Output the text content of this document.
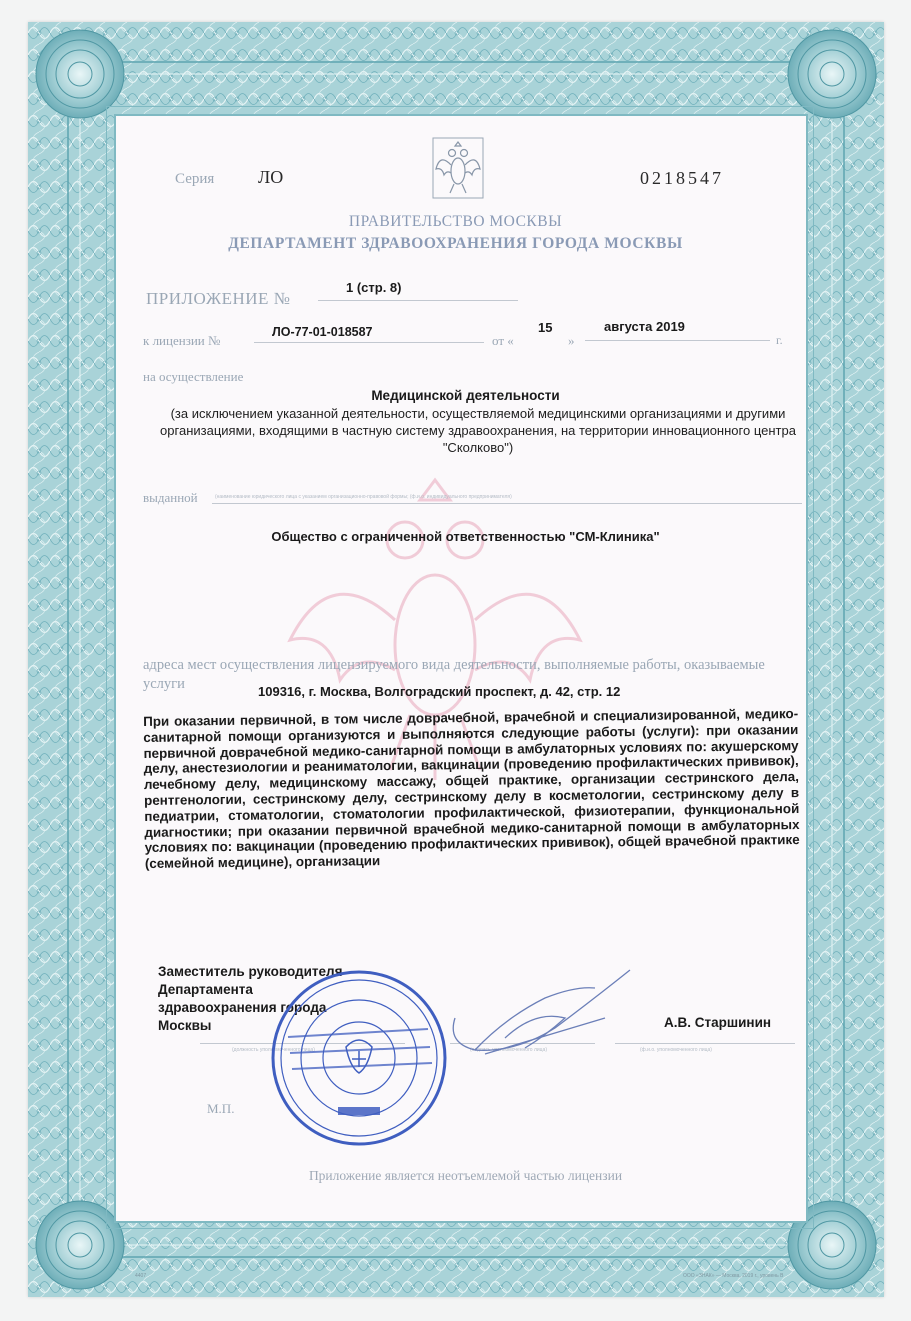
Серия ЛО	0218547
ПРАВИТЕЛЬСТВО МОСКВЫ
ДЕПАРТАМЕНТ ЗДРАВООХРАНЕНИЯ ГОРОДА МОСКВЫ
ПРИЛОЖЕНИЕ №
1 (стр. 8)
к лицензии №
ЛО-77-01-018587
от «
15
»
августа 2019
г.
на осуществление
Медицинской деятельности
(за исключением указанной деятельности, осуществляемой медицинскими организациями и другими организациями, входящими в частную систему здравоохранения, на территории инновационного центра "Сколково")
выданной	(наименование юридического лица с указанием организационно-правовой формы; (ф.и.о. индивидуального предпринимателя)
Общество с ограниченной ответственностью "СМ-Клиника"
адреса мест осуществления лицензируемого вида деятельности, выполняемые работы, оказываемые услуги	109316, г. Москва, Волгоградский проспект, д. 42, стр. 12
При оказании первичной, в том числе доврачебной, врачебной и специализированной, медико-санитарной помощи организуются и выполняются следующие работы (услуги): при оказании первичной доврачебной медико-санитарной помощи в амбулаторных условиях по: акушерскому делу, анестезиологии и реаниматологии, вакцинации (проведению профилактических прививок), лечебному делу, медицинскому массажу, общей практике, организации сестринского дела, рентгенологии, сестринскому делу, сестринскому делу в косметологии, сестринскому делу в педиатрии, стоматологии, стоматологии профилактической, физиотерапии, функциональной диагностики; при оказании первичной врачебной медико-санитарной помощи в амбулаторных условиях по: вакцинации (проведению профилактических прививок), общей врачебной практике (семейной медицине), организации
Заместитель руководителя
Департамента
здравоохранения города
Москвы	А.В. Старшинин
(должность уполномоченного лица)	(подпись уполномоченного лица)	(ф.и.о. уполномоченного лица)
М.П.
Приложение является неотъемлемой частью лицензии
4407	ООО «ЗНАК» — Москва, 2019 г., уровень В
